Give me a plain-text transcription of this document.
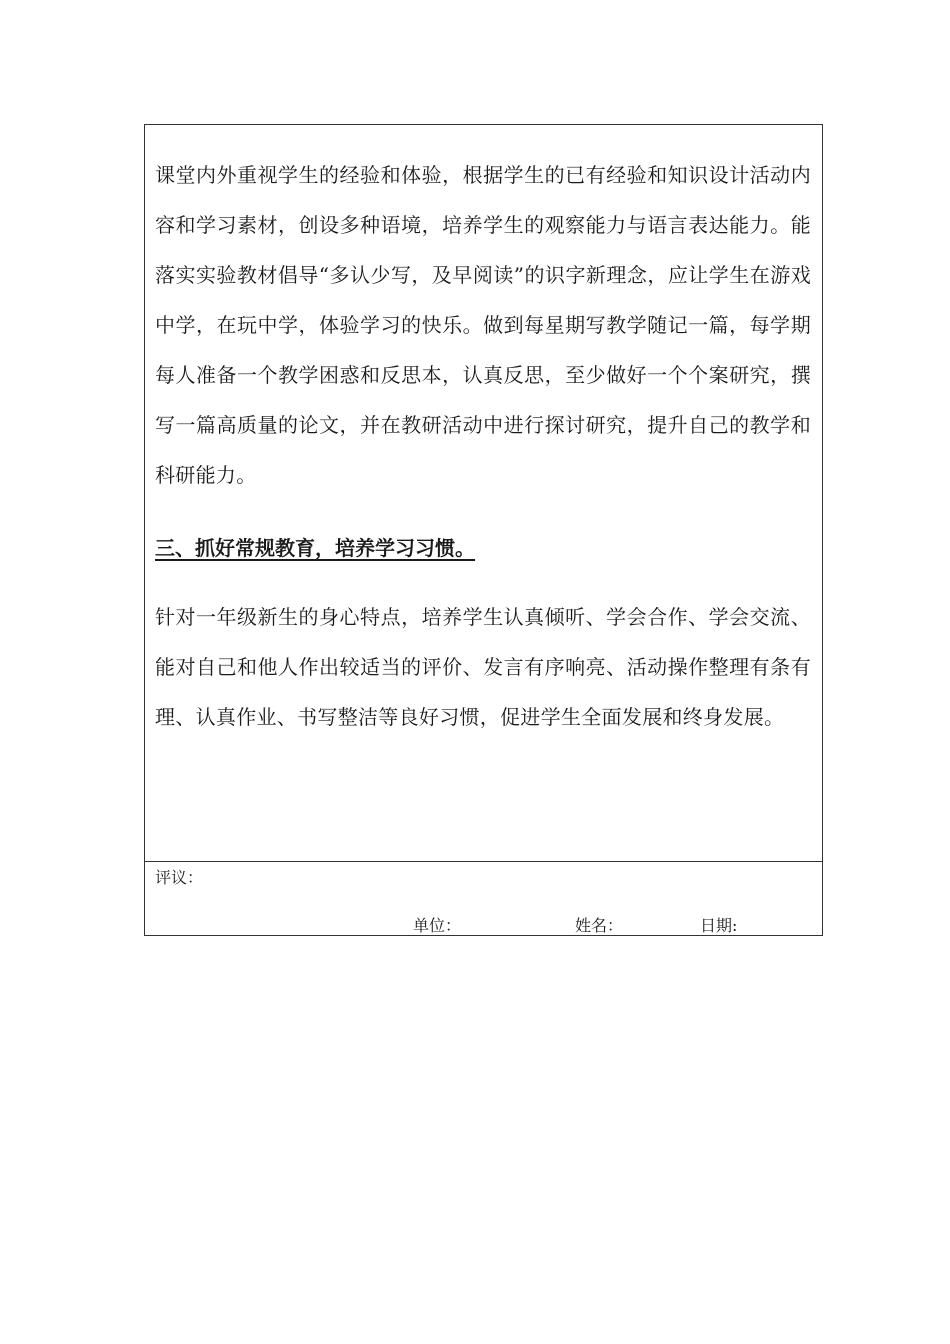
课堂内外重视学生的经验和体验，根据学生的已有经验和知识设计活动内容和学习素材，创设多种语境，培养学生的观察能力与语言表达能力。能落实实验教材倡导“多认少写，及早阅读”的识字新理念，应让学生在游戏中学，在玩中学，体验学习的快乐。做到每星期写教学随记一篇，每学期每人准备一个教学困惑和反思本，认真反思，至少做好一个个案研究，撰写一篇高质量的论文，并在教研活动中进行探讨研究，提升自己的教学和科研能力。

三、抓好常规教育，培养学习习惯。

针对一年级新生的身心特点，培养学生认真倾听、学会合作、学会交流、能对自己和他人作出较适当的评价、发言有序响亮、活动操作整理有条有理、认真作业、书写整洁等良好习惯，促进学生全面发展和终身发展。

评议：
单位：	姓名：	日期:
